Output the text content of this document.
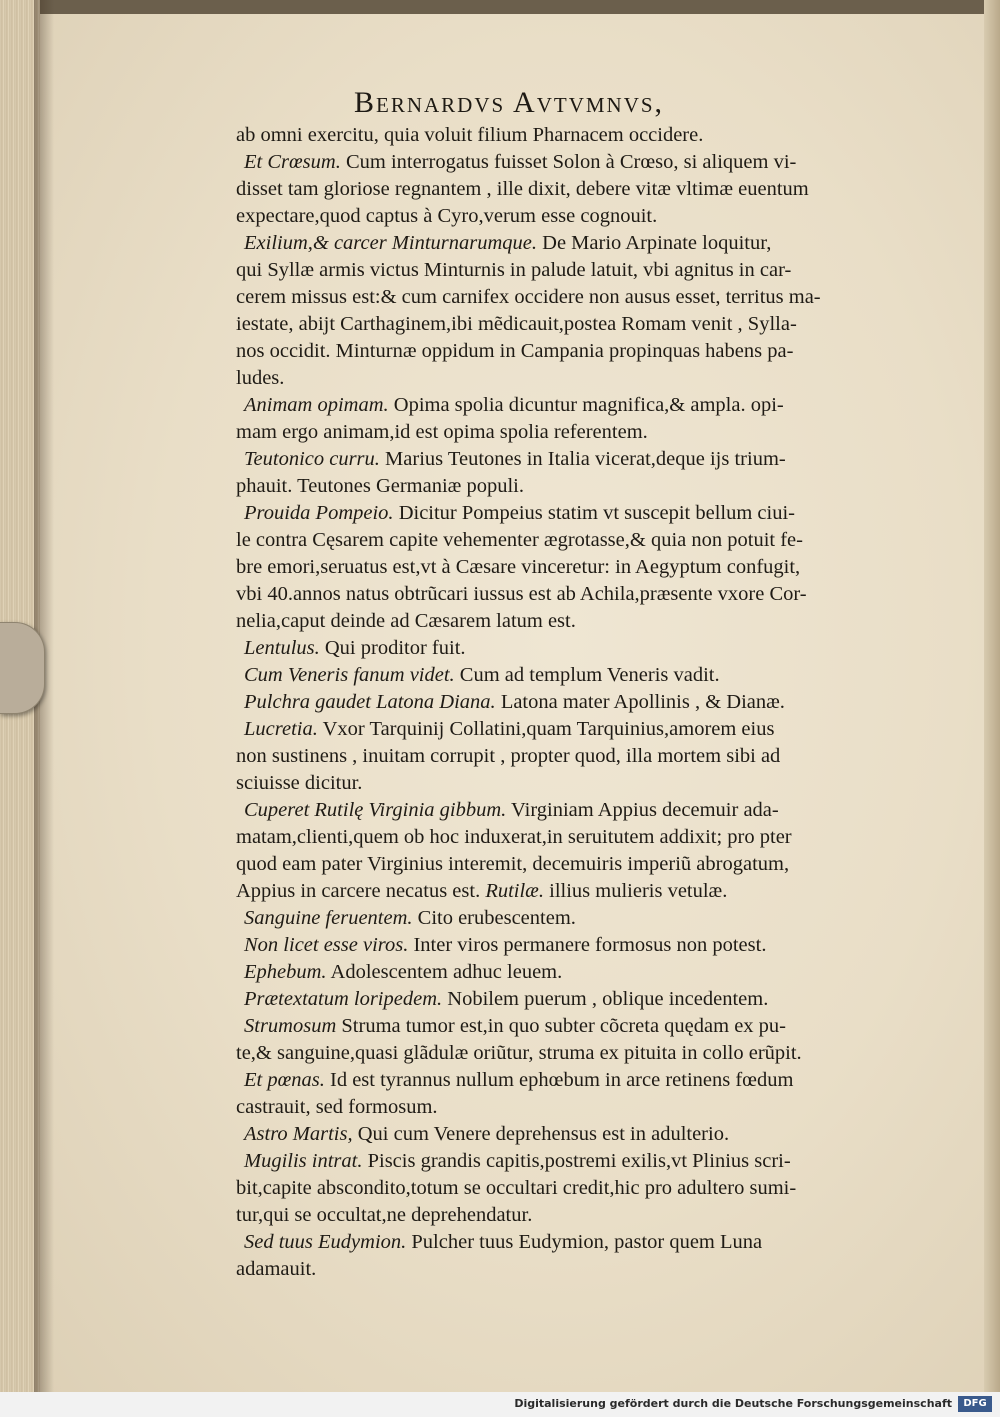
Bernardvs Avtvmnvs,
ab omni exercitu, quia voluit filium Pharnacem occidere.
Et Crœsum. Cum interrogatus fuisset Solon à Crœso, si aliquem vi-
disset tam gloriose regnantem , ille dixit, debere vitæ vltimæ euentum
expectare,quod captus à Cyro,verum esse cognouit.
Exilium,& carcer Minturnarumque. De Mario Arpinate loquitur,
qui Syllæ armis victus Minturnis in palude latuit, vbi agnitus in car-
cerem missus est:& cum carnifex occidere non ausus esset, territus ma-
iestate, abijt Carthaginem,ibi mẽdicauit,postea Romam venit , Sylla-
nos occidit. Minturnæ oppidum in Campania propinquas habens pa-
ludes.
Animam opimam. Opima spolia dicuntur magnifica,& ampla. opi-
mam ergo animam,id est opima spolia referentem.
Teutonico curru. Marius Teutones in Italia vicerat,deque ijs trium-
phauit. Teutones Germaniæ populi.
Prouida Pompeio. Dicitur Pompeius statim vt suscepit bellum ciui-
le contra Cęsarem capite vehementer ægrotasse,& quia non potuit fe-
bre emori,seruatus est,vt à Cæsare vinceretur: in Aegyptum confugit,
vbi 40.annos natus obtrũcari iussus est ab Achila,præsente vxore Cor-
nelia,caput deinde ad Cæsarem latum est.
Lentulus. Qui proditor fuit.
Cum Veneris fanum videt. Cum ad templum Veneris vadit.
Pulchra gaudet Latona Diana. Latona mater Apollinis , & Dianæ.
Lucretia. Vxor Tarquinij Collatini,quam Tarquinius,amorem eius
non sustinens , inuitam corrupit , propter quod, illa mortem sibi ad
sciuisse dicitur.
Cuperet Rutilę Virginia gibbum. Virginiam Appius decemuir ada-
matam,clienti,quem ob hoc induxerat,in seruitutem addixit; pro pter
quod eam pater Virginius interemit, decemuiris imperiũ abrogatum,
Appius in carcere necatus est. Rutilæ. illius mulieris vetulæ.
Sanguine feruentem. Cito erubescentem.
Non licet esse viros. Inter viros permanere formosus non potest.
Ephebum. Adolescentem adhuc leuem.
Prætextatum loripedem. Nobilem puerum , oblique incedentem.
Strumosum Struma tumor est,in quo subter cõcreta quędam ex pu-
te,& sanguine,quasi glãdulæ oriũtur, struma ex pituita in collo erũpit.
Et pœnas. Id est tyrannus nullum ephœbum in arce retinens fœdum
castrauit, sed formosum.
Astro Martis, Qui cum Venere deprehensus est in adulterio.
Mugilis intrat. Piscis grandis capitis,postremi exilis,vt Plinius scri-
bit,capite abscondito,totum se occultari credit,hic pro adultero sumi-
tur,qui se occultat,ne deprehendatur.
Sed tuus Eudymion. Pulcher tuus Eudymion, pastor quem Luna
adamauit.
Digitalisierung gefördert durch die Deutsche Forschungsgemeinschaft	DFG
